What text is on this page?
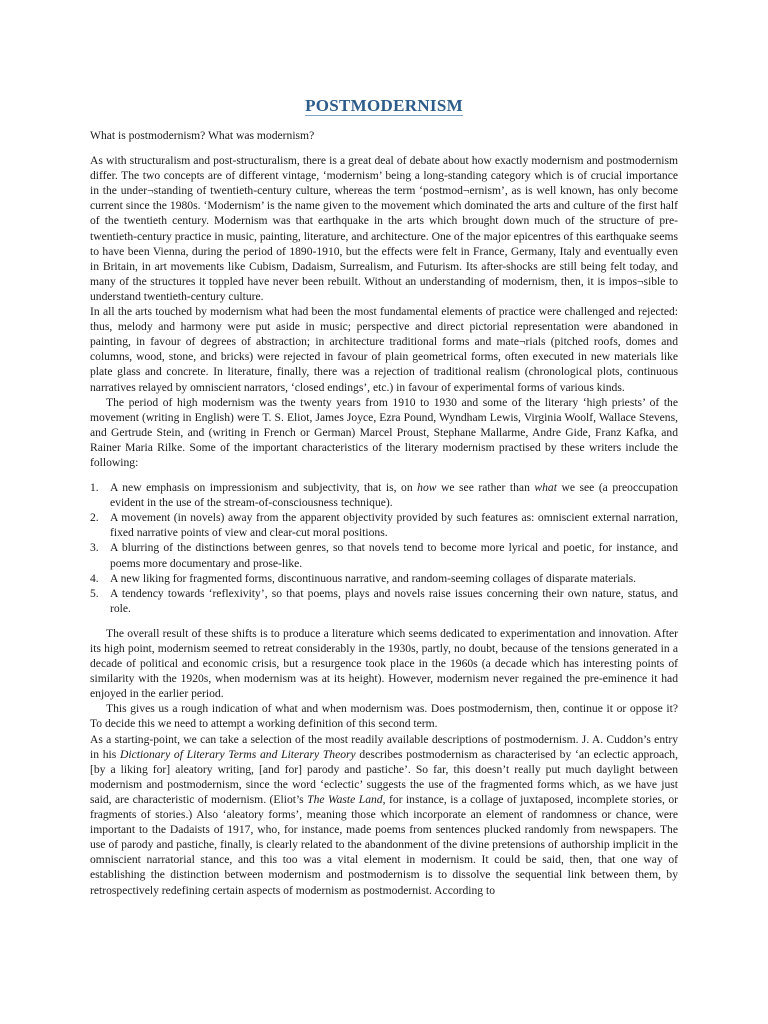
POSTMODERNISM
What is postmodernism? What was modernism?

As with structuralism and post-structuralism, there is a great deal of debate about how exactly modernism and postmodernism differ. The two concepts are of different vintage, ‘modernism’ being a long-standing category which is of crucial importance in the under¬standing of twentieth-century culture, whereas the term ‘postmod¬ernism’, as is well known, has only become current since the 1980s. ‘Modernism’ is the name given to the movement which dominated the arts and culture of the first half of the twentieth century. Modernism was that earthquake in the arts which brought down much of the structure of pre-twentieth-century practice in music, painting, literature, and architecture. One of the major epicentres of this earthquake seems to have been Vienna, during the period of 1890-1910, but the effects were felt in France, Germany, Italy and eventually even in Britain, in art movements like Cubism, Dadaism, Surrealism, and Futurism. Its after-shocks are still being felt today, and many of the structures it toppled have never been rebuilt. Without an understanding of modernism, then, it is impos¬sible to understand twentieth-century culture.

In all the arts touched by modernism what had been the most fundamental elements of practice were challenged and rejected: thus, melody and harmony were put aside in music; perspective and direct pictorial representation were abandoned in painting, in favour of degrees of abstraction; in architecture traditional forms and mate¬rials (pitched roofs, domes and columns, wood, stone, and bricks) were rejected in favour of plain geometrical forms, often executed in new materials like plate glass and concrete. In literature, finally, there was a rejection of traditional realism (chronological plots, continuous narratives relayed by omniscient narrators, ‘closed endings’, etc.) in favour of experimental forms of various kinds.

The period of high modernism was the twenty years from 1910 to 1930 and some of the literary ‘high priests’ of the movement (writing in English) were T. S. Eliot, James Joyce, Ezra Pound, Wyndham Lewis, Virginia Woolf, Wallace Stevens, and Gertrude Stein, and (writing in French or German) Marcel Proust, Stephane Mallarme, Andre Gide, Franz Kafka, and Rainer Maria Rilke. Some of the important characteristics of the literary modernism practised by these writers include the following:

1. A new emphasis on impressionism and subjectivity, that is, on how we see rather than what we see (a preoccupation evident in the use of the stream-of-consciousness technique).
2. A movement (in novels) away from the apparent objectivity provided by such features as: omniscient external narration, fixed narrative points of view and clear-cut moral positions.
3. A blurring of the distinctions between genres, so that novels tend to become more lyrical and poetic, for instance, and poems more documentary and prose-like.
4. A new liking for fragmented forms, discontinuous narrative, and random-seeming collages of disparate materials.
5. A tendency towards ‘reflexivity’, so that poems, plays and novels raise issues concerning their own nature, status, and role.

The overall result of these shifts is to produce a literature which seems dedicated to experimentation and innovation. After its high point, modernism seemed to retreat considerably in the 1930s, partly, no doubt, because of the tensions generated in a decade of political and economic crisis, but a resurgence took place in the 1960s (a decade which has interesting points of similarity with the 1920s, when modernism was at its height). However, modernism never regained the pre-eminence it had enjoyed in the earlier period.

This gives us a rough indication of what and when modernism was. Does postmodernism, then, continue it or oppose it? To decide this we need to attempt a working definition of this second term.

As a starting-point, we can take a selection of the most readily available descriptions of postmodernism. J. A. Cuddon’s entry in his Dictionary of Literary Terms and Literary Theory describes postmodernism as characterised by ‘an eclectic approach, [by a liking for] aleatory writing, [and for] parody and pastiche’. So far, this doesn’t really put much daylight between modernism and postmodernism, since the word ‘eclectic’ suggests the use of the fragmented forms which, as we have just said, are characteristic of modernism. (Eliot’s The Waste Land, for instance, is a collage of juxtaposed, incomplete stories, or fragments of stories.) Also ‘aleatory forms’, meaning those which incorporate an element of randomness or chance, were important to the Dadaists of 1917, who, for instance, made poems from sentences plucked randomly from newspapers. The use of parody and pastiche, finally, is clearly related to the abandonment of the divine pretensions of authorship implicit in the omniscient narratorial stance, and this too was a vital element in modernism. It could be said, then, that one way of establishing the distinction between modernism and postmodernism is to dissolve the sequential link between them, by retrospectively redefining certain aspects of modernism as postmodernist. According to
